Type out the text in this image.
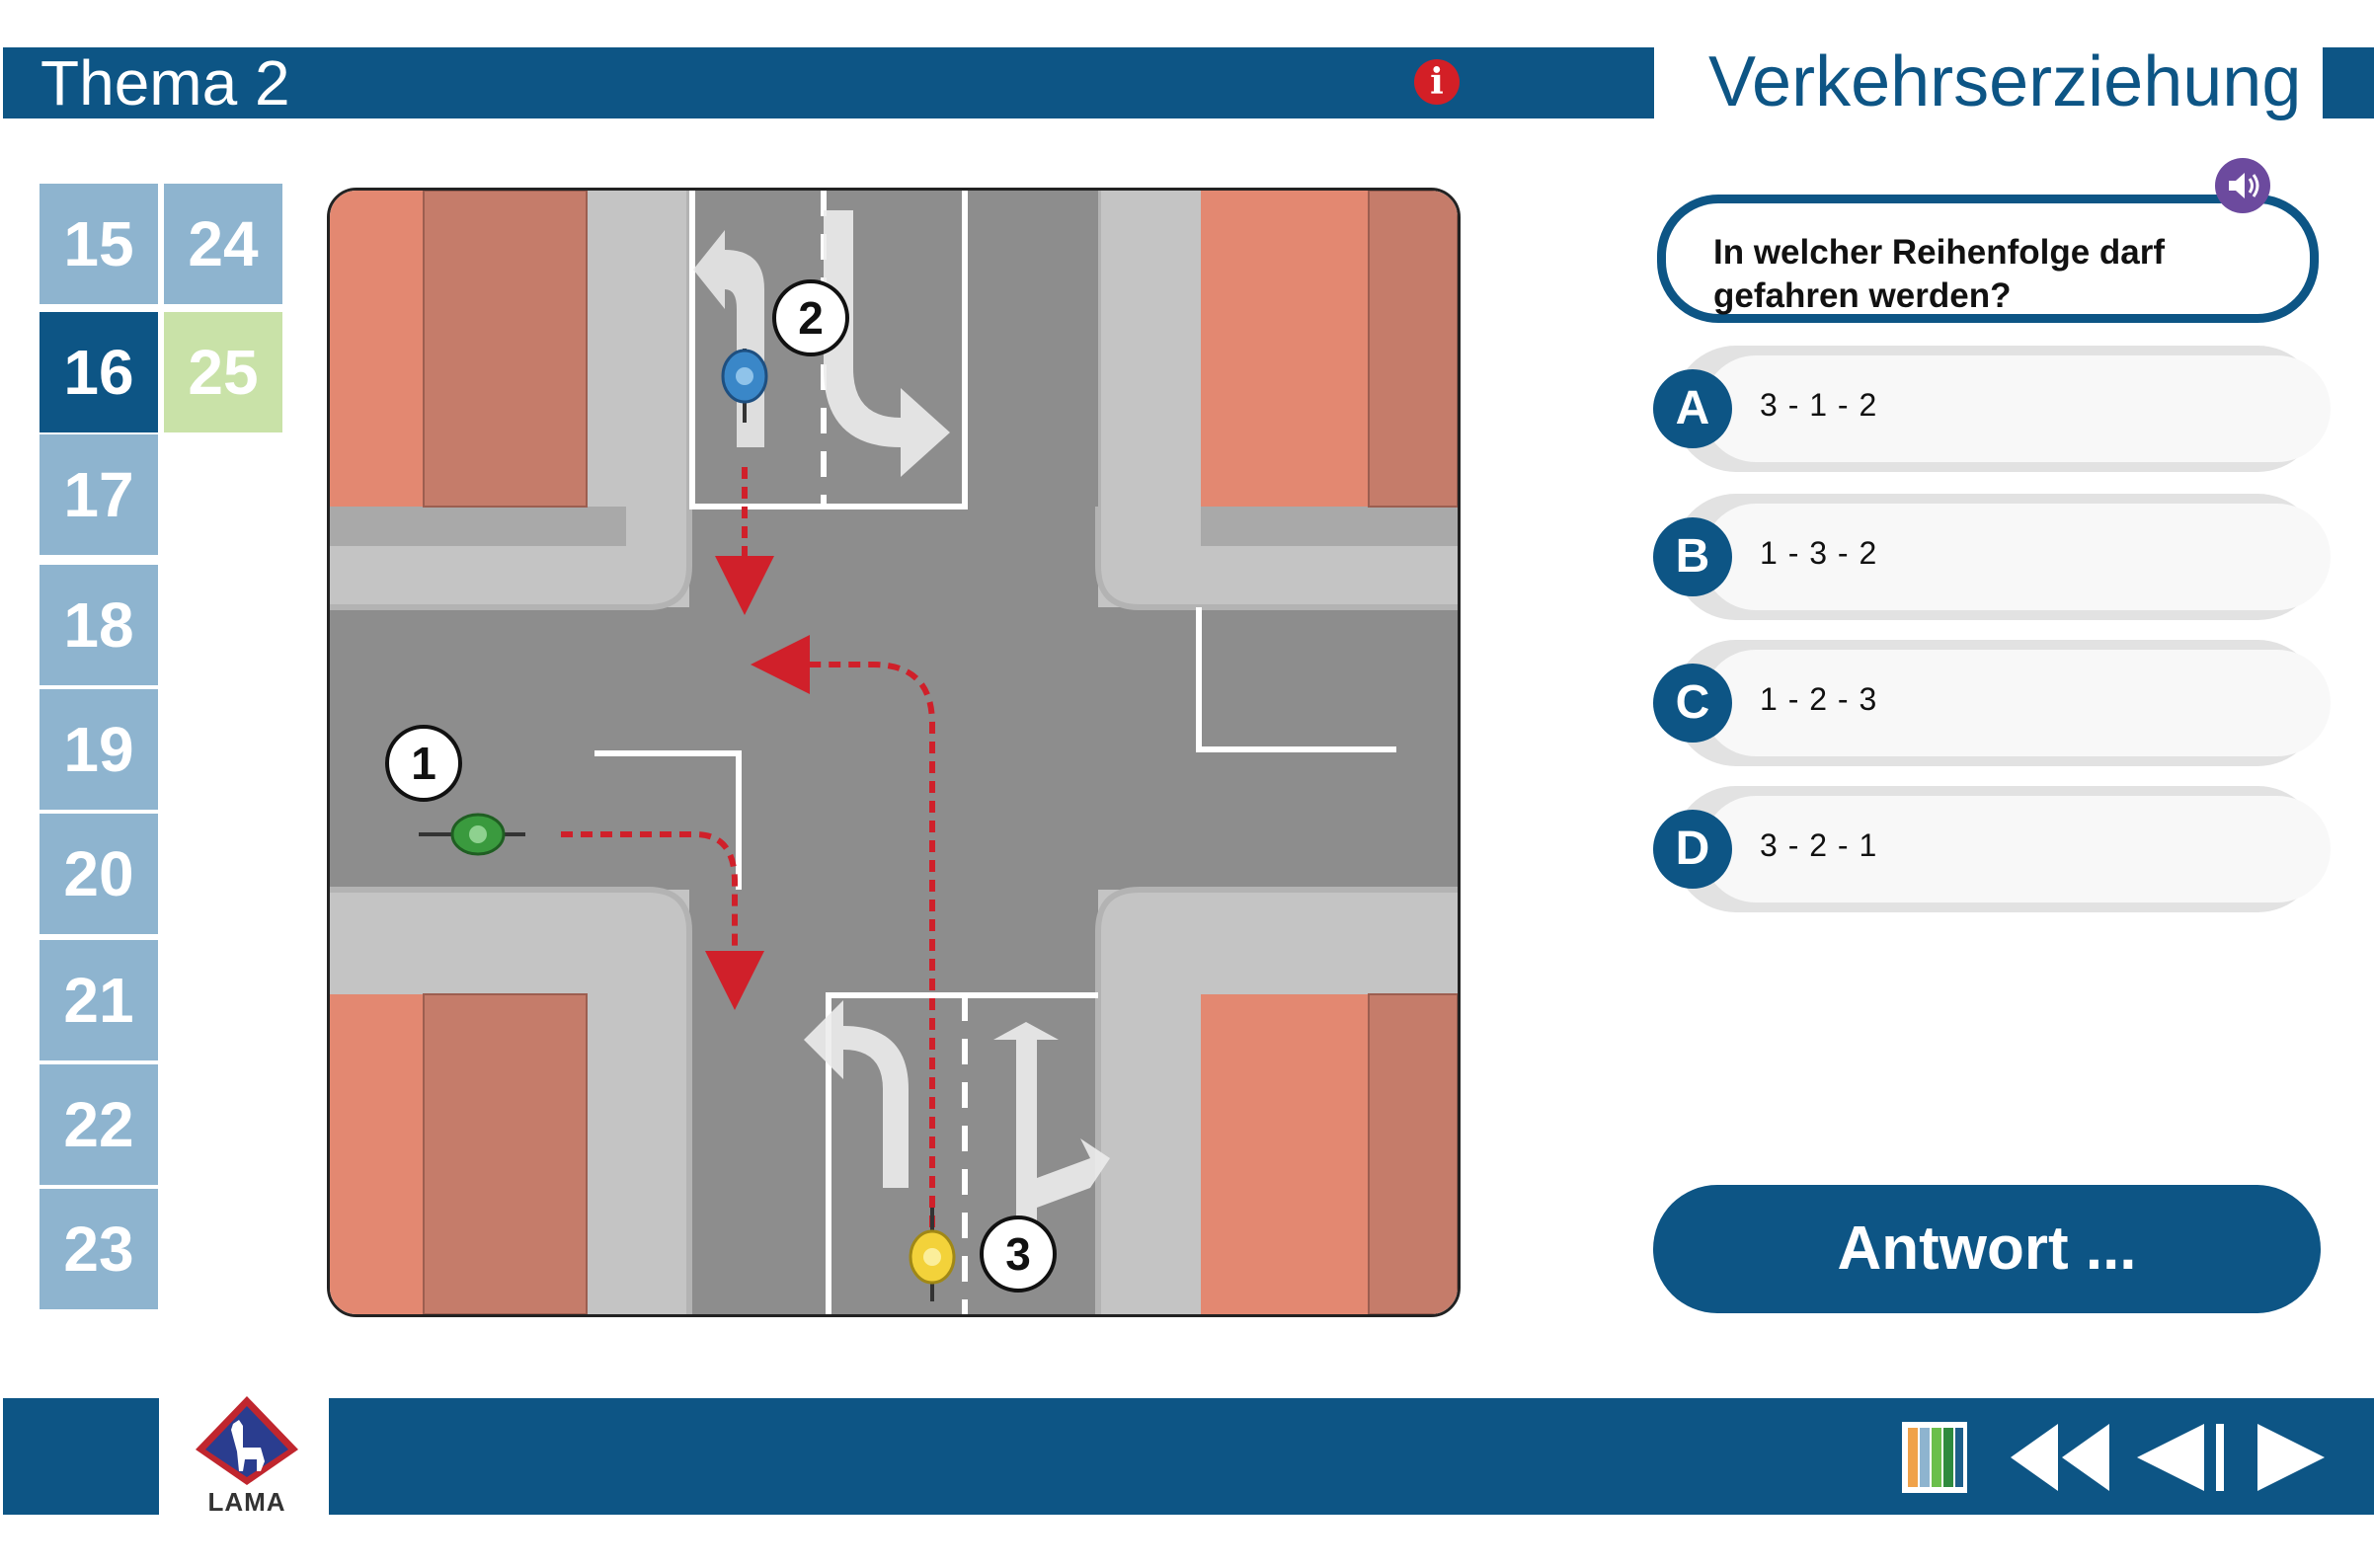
Thema 2	i	Verkehrserziehung
15
16
17
18
19
20
21
22
23
24
25
2
1
3
In welcher Reihenfolge darf gefahren werden?
A	3 - 1 - 2
B	1 - 3 - 2
C	1 - 2 - 3
D	3 - 2 - 1
Antwort ...
LAMA
